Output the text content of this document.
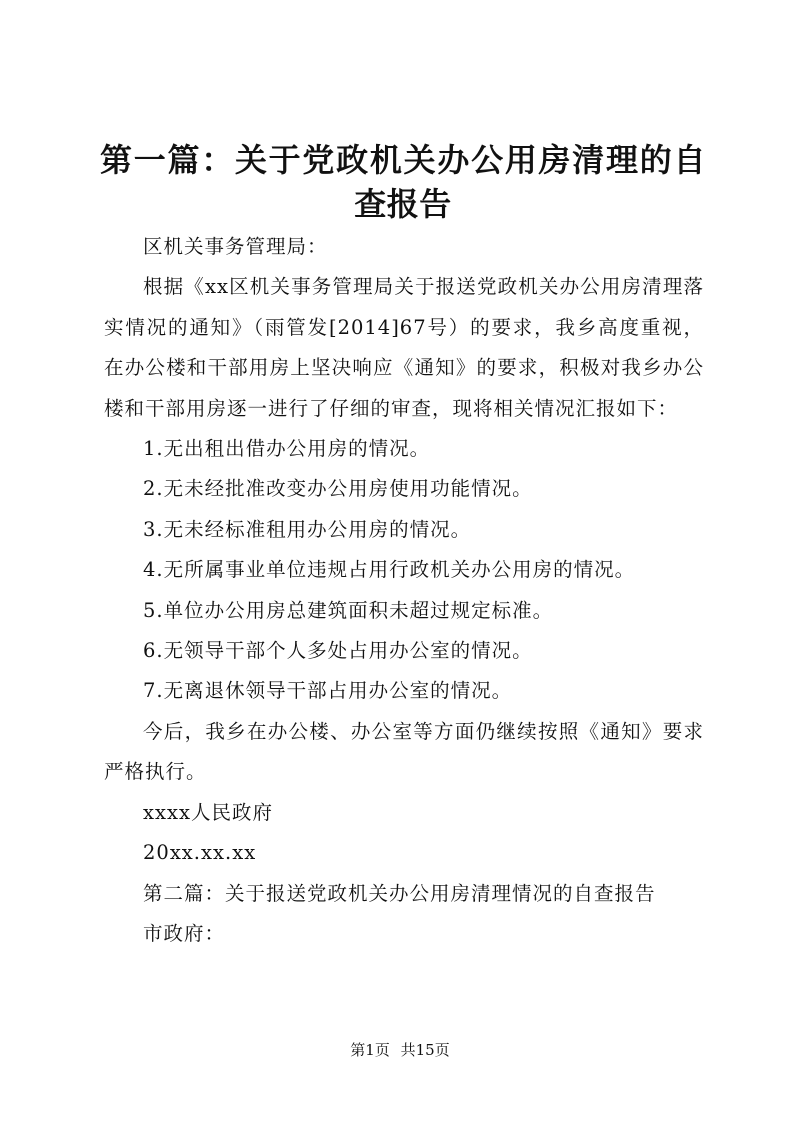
第一篇：关于党政机关办公用房清理的自查报告

区机关事务管理局：

根据《xx区机关事务管理局关于报送党政机关办公用房清理落实情况的通知》（雨管发[2014]67号）的要求，我乡高度重视，在办公楼和干部用房上坚决响应《通知》的要求，积极对我乡办公楼和干部用房逐一进行了仔细的审查，现将相关情况汇报如下：

1.无出租出借办公用房的情况。

2.无未经批准改变办公用房使用功能情况。

3.无未经标准租用办公用房的情况。

4.无所属事业单位违规占用行政机关办公用房的情况。

5.单位办公用房总建筑面积未超过规定标准。

6.无领导干部个人多处占用办公室的情况。

7.无离退休领导干部占用办公室的情况。

今后，我乡在办公楼、办公室等方面仍继续按照《通知》要求严格执行。

xxxx人民政府

20xx.xx.xx

第二篇：关于报送党政机关办公用房清理情况的自查报告

市政府：

第1页 共15页
